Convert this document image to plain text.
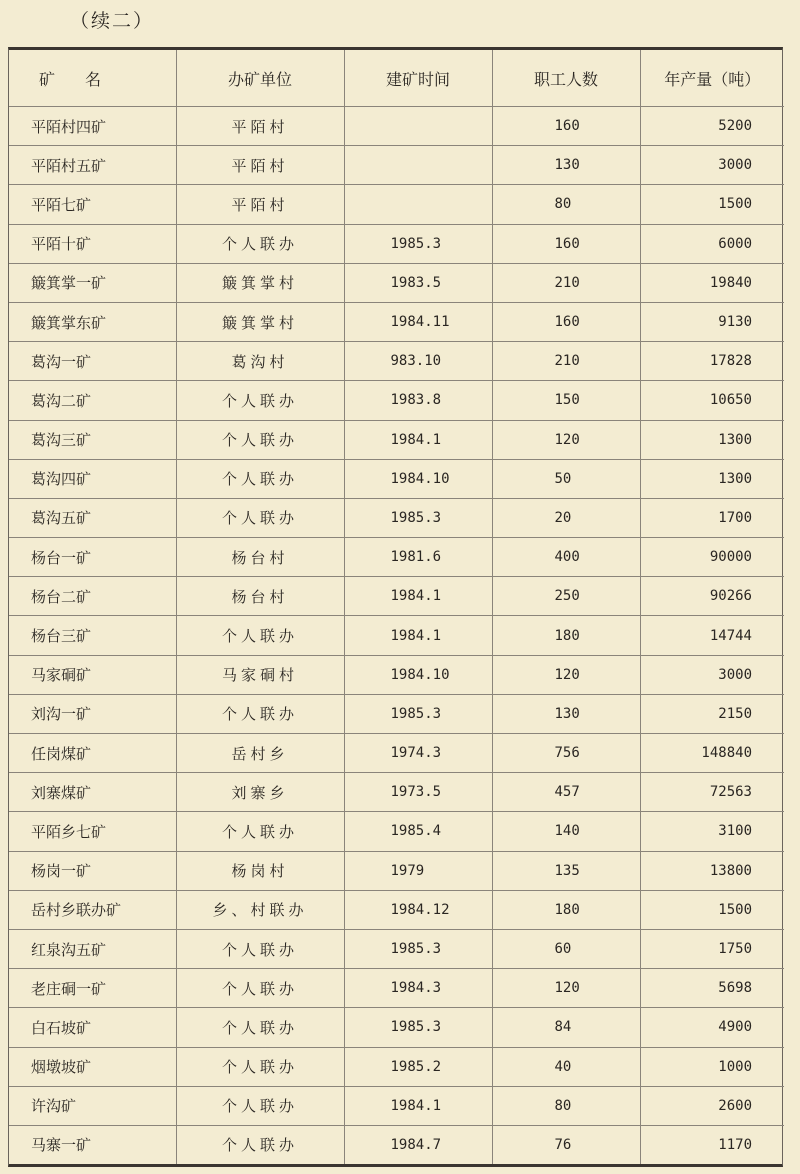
（续二）
矿名	办矿单位	建矿时间	职工人数	年产量（吨）
平陌村四矿	平陌村		160	5200
平陌村五矿	平陌村		130	3000
平陌七矿	平陌村		80	1500
平陌十矿	个人联办	1985.3	160	6000
簸箕掌一矿	簸箕掌村	1983.5	210	19840
簸箕掌东矿	簸箕掌村	1984.11	160	9130
葛沟一矿	葛沟村	983.10	210	17828
葛沟二矿	个人联办	1983.8	150	10650
葛沟三矿	个人联办	1984.1	120	1300
葛沟四矿	个人联办	1984.10	50	1300
葛沟五矿	个人联办	1985.3	20	1700
杨台一矿	杨台村	1981.6	400	90000
杨台二矿	杨台村	1984.1	250	90266
杨台三矿	个人联办	1984.1	180	14744
马家硐矿	马家硐村	1984.10	120	3000
刘沟一矿	个人联办	1985.3	130	2150
任岗煤矿	岳村乡	1974.3	756	148840
刘寨煤矿	刘寨乡	1973.5	457	72563
平陌乡七矿	个人联办	1985.4	140	3100
杨岗一矿	杨岗村	1979	135	13800
岳村乡联办矿	乡、村联办	1984.12	180	1500
红泉沟五矿	个人联办	1985.3	60	1750
老庄硐一矿	个人联办	1984.3	120	5698
白石坡矿	个人联办	1985.3	84	4900
烟墩坡矿	个人联办	1985.2	40	1000
许沟矿	个人联办	1984.1	80	2600
马寨一矿	个人联办	1984.7	76	1170
